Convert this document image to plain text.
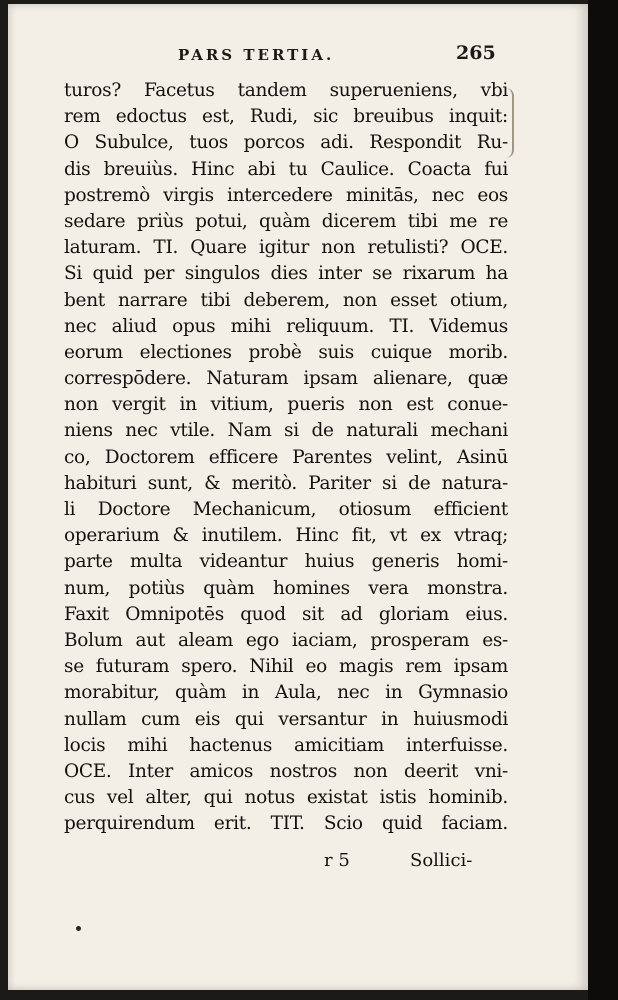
PARS TERTIA.	265
turos? Facetus tandem superueniens, vbi
rem edoctus est, Rudi, sic breuibus inquit:
O Subulce, tuos porcos adi. Respondit Ru-
dis breuiùs. Hinc abi tu Caulice. Coacta fui
postremò virgis intercedere minitās, nec eos
sedare priùs potui, quàm dicerem tibi me re
laturam. TI. Quare igitur non retulisti? OCE.
Si quid per singulos dies inter se rixarum ha
bent narrare tibi deberem, non esset otium,
nec aliud opus mihi reliquum. TI. Videmus
eorum electiones probè suis cuique morib.
correspōdere. Naturam ipsam alienare, quæ
non vergit in vitium, pueris non est conue-
niens nec vtile. Nam si de naturali mechani
co, Doctorem efficere Parentes velint, Asinū
habituri sunt, & meritò. Pariter si de natura-
li Doctore Mechanicum, otiosum efficient
operarium & inutilem. Hinc fit, vt ex vtraq;
parte multa videantur huius generis homi-
num, potiùs quàm homines vera monstra.
Faxit Omnipotēs quod sit ad gloriam eius.
Bolum aut aleam ego iaciam, prosperam es-
se futuram spero. Nihil eo magis rem ipsam
morabitur, quàm in Aula, nec in Gymnasio
nullam cum eis qui versantur in huiusmodi
locis mihi hactenus amicitiam interfuisse.
OCE. Inter amicos nostros non deerit vni-
cus vel alter, qui notus existat istis hominib.
perquirendum erit. TIT. Scio quid faciam.
r 5	Sollici-
